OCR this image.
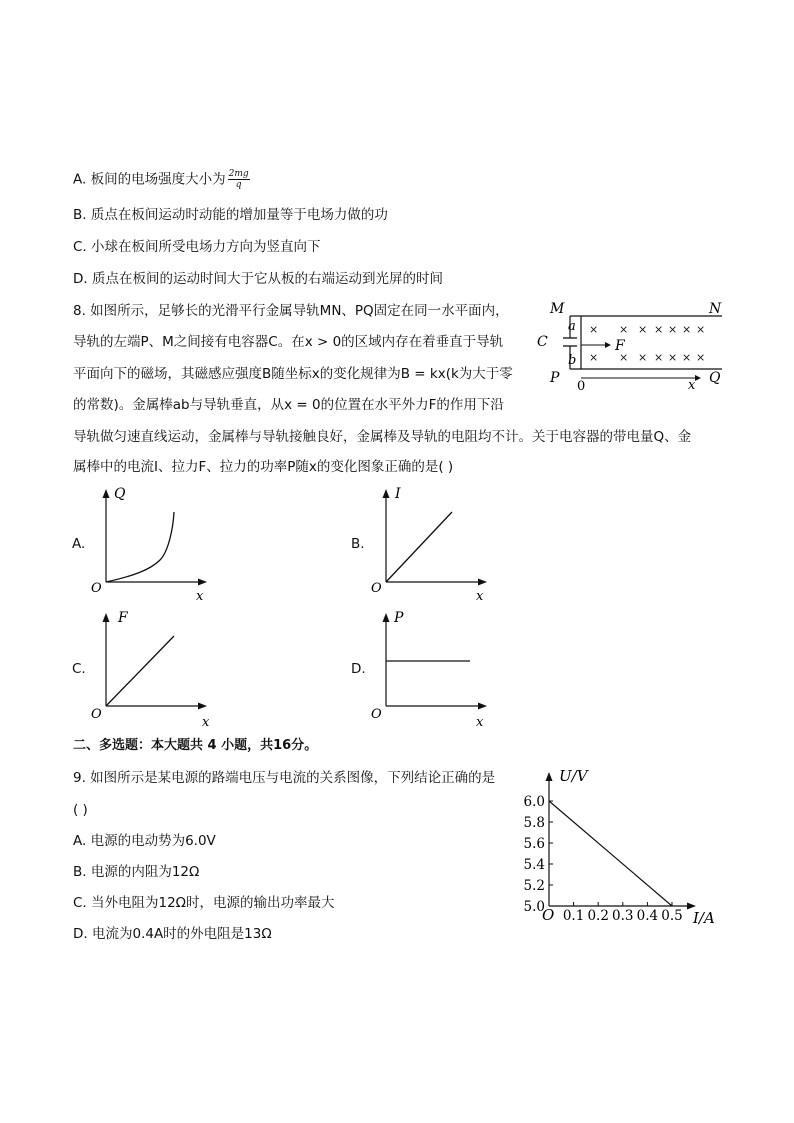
A. 板间的电场强度大小为 $\frac{2mg}{q}$
B. 质点在板间运动时动能的增加量等于电场力做的功
C. 小球在板间所受电场力方向为竖直向下
D. 质点在板间的运动时间大于它从板的右端运动到光屏的时间
8. 如图所示，足够长的光滑平行金属导轨MN、PQ固定在同一水平面内，
导轨的左端P、M之间接有电容器C。在x > 0的区域内存在着垂直于导轨
平面向下的磁场，其磁感应强度B随坐标x的变化规律为B = kx(k为大于零
的常数)。金属棒ab与导轨垂直，从x = 0的位置在水平外力F的作用下沿
导轨做匀速直线运动，金属棒与导轨接触良好，金属棒及导轨的电阻均不计。关于电容器的带电量Q、金
属棒中的电流I、拉力F、拉力的功率P随x的变化图象正确的是( )
M	N
P	Q
C
a
b
F
0	x
× × × × × × ×
× × × × × × ×
A.
Q
O
x
B.
I
O
x
C.
F
O
x
D.
P
O
x
二、多选题：本大题共 4 小题，共16分。
9. 如图所示是某电源的路端电压与电流的关系图像，下列结论正确的是
( )
A. 电源的电动势为6.0V
B. 电源的内阻为12Ω
C. 当外电阻为12Ω时，电源的输出功率最大
D. 电流为0.4A时的外电阻是13Ω
0.1 0.2 0.3 0.4 0.5
5.0
5.2
5.4
5.6
5.8
6.0
U/V
I/A
O
